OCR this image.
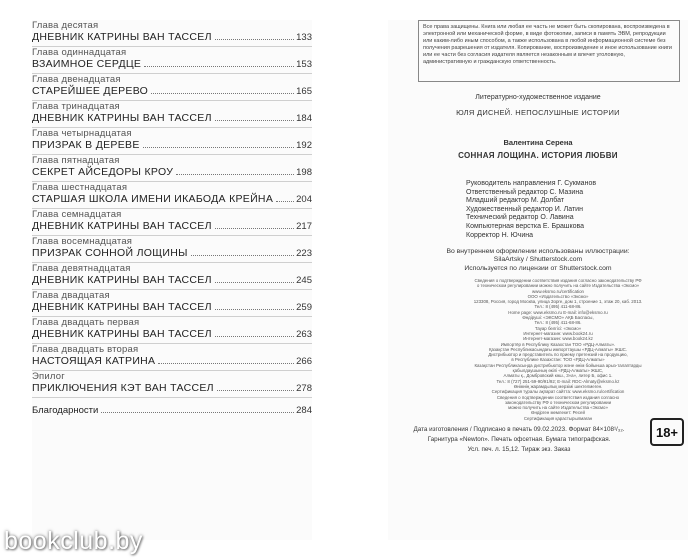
Глава десятая
ДНЕВНИК КАТРИНЫ ВАН ТАССЕЛ	133
Глава одиннадцатая
ВЗАИМНОЕ СЕРДЦЕ	153
Глава двенадцатая
СТАРЕЙШЕЕ ДЕРЕВО	165
Глава тринадцатая
ДНЕВНИК КАТРИНЫ ВАН ТАССЕЛ	184
Глава четырнадцатая
ПРИЗРАК В ДЕРЕВЕ	192
Глава пятнадцатая
СЕКРЕТ АЙСЕДОРЫ КРОУ	198
Глава шестнадцатая
СТАРШАЯ ШКОЛА ИМЕНИ ИКАБОДА КРЕЙНА 204
Глава семнадцатая
ДНЕВНИК КАТРИНЫ ВАН ТАССЕЛ	217
Глава восемнадцатая
ПРИЗРАК СОННОЙ ЛОЩИНЫ	223
Глава девятнадцатая
ДНЕВНИК КАТРИНЫ ВАН ТАССЕЛ	245
Глава двадцатая
ДНЕВНИК КАТРИНЫ ВАН ТАССЕЛ	259
Глава двадцать первая
ДНЕВНИК КАТРИНЫ ВАН ТАССЕЛ	263
Глава двадцать вторая
НАСТОЯЩАЯ КАТРИНА	266
Эпилог
ПРИКЛЮЧЕНИЯ КЭТ ВАН ТАССЕЛ	278
Благодарности	284
Все права защищены. Книга или любая ее часть не может быть скопирована, воспроизведена в электронной или механической форме, в виде фотокопии, записи в память ЭВМ, репродукции или каким-либо иным способом, а также использована в любой информационной системе без получения разрешения от издателя. Копирование, воспроизведение и иное использование книги или ее части без согласия издателя является незаконным и влечет уголовную, административную и гражданскую ответственность.
Литературно-художественное издание
ЮЛЯ ДИСНЕЙ. НЕПОСЛУШНЫЕ ИСТОРИИ
Валентина Серена
СОННАЯ ЛОЩИНА. ИСТОРИЯ ЛЮБВИ
Руководитель направления Г. Сукманов
Ответственный редактор С. Мазина
Младший редактор М. Долбат
Художественный редактор И. Латин
Технический редактор О. Лавина
Компьютерная верстка Е. Брашкова
Корректор Н. Ючина
Во внутреннем оформлении использованы иллюстрации:
SilaArtsky / Shutterstock.com
Используется по лицензии от Shutterstock.com
Сведения о подтверждении соответствия издания согласно законодательству РФ
о техническом регулировании можно получить на сайте Издательства «Эксмо»
www.eksmo.ru/certification
ООО «Издательство «Эксмо»
123308, Россия, город Москва, улица Зорге, дом 1, строение 1, этаж 20, каб. 2013.
Тел.: 8 (495) 411-68-86.
Home page: www.eksmo.ru E-mail: info@eksmo.ru
Өндіруші: «ЭКСМО» АҚБ Баспасы,
Тел.: 8 (495) 411-68-86.
Тауар белгісі: «Эксмо»
Интернет-магазин: www.book24.ru
Интернет-магазин: www.book24.kz
Импортёр в Республику Казахстан ТОО «РДЦ-Алматы».
Қазақстан Республикасындағы импорттаушы «РДЦ-Алматы» ЖШС.
Дистрибьютор и представитель по приему претензий на продукцию,
в Республике Казахстан: ТОО «РДЦ-Алматы»
Казақстан Республикасында дистрибьютор және өнім бойынша арыз-талаптарды
қабылдаушының өкілі «РДЦ-Алматы» ЖШС,
Алматы қ., Домбровский көш., 3«а», литер Б, офис 1.
Тел.: 8 (727) 251-59-90/91/92; E-mail: RDC-Almaty@eksmo.kz
Өнімнің жарамдылық мерзімі шектелмеген.
Сертификация туралы ақпарат сайтта: www.eksmo.ru/certification
Сведения о подтверждении соответствия издания согласно
законодательству РФ о техническом регулировании
можно получить на сайте Издательства «Эксмо»
Өндірген мемлекет: Ресей
Сертификация қарастырылмаған
Дата изготовления / Подписано в печать 09.02.2023. Формат 84×108¹/₃₂.
Гарнитура «Newton». Печать офсетная. Бумага типографская.
Усл. печ. л. 15,12. Тираж экз. Заказ
18+
bookclub.by
